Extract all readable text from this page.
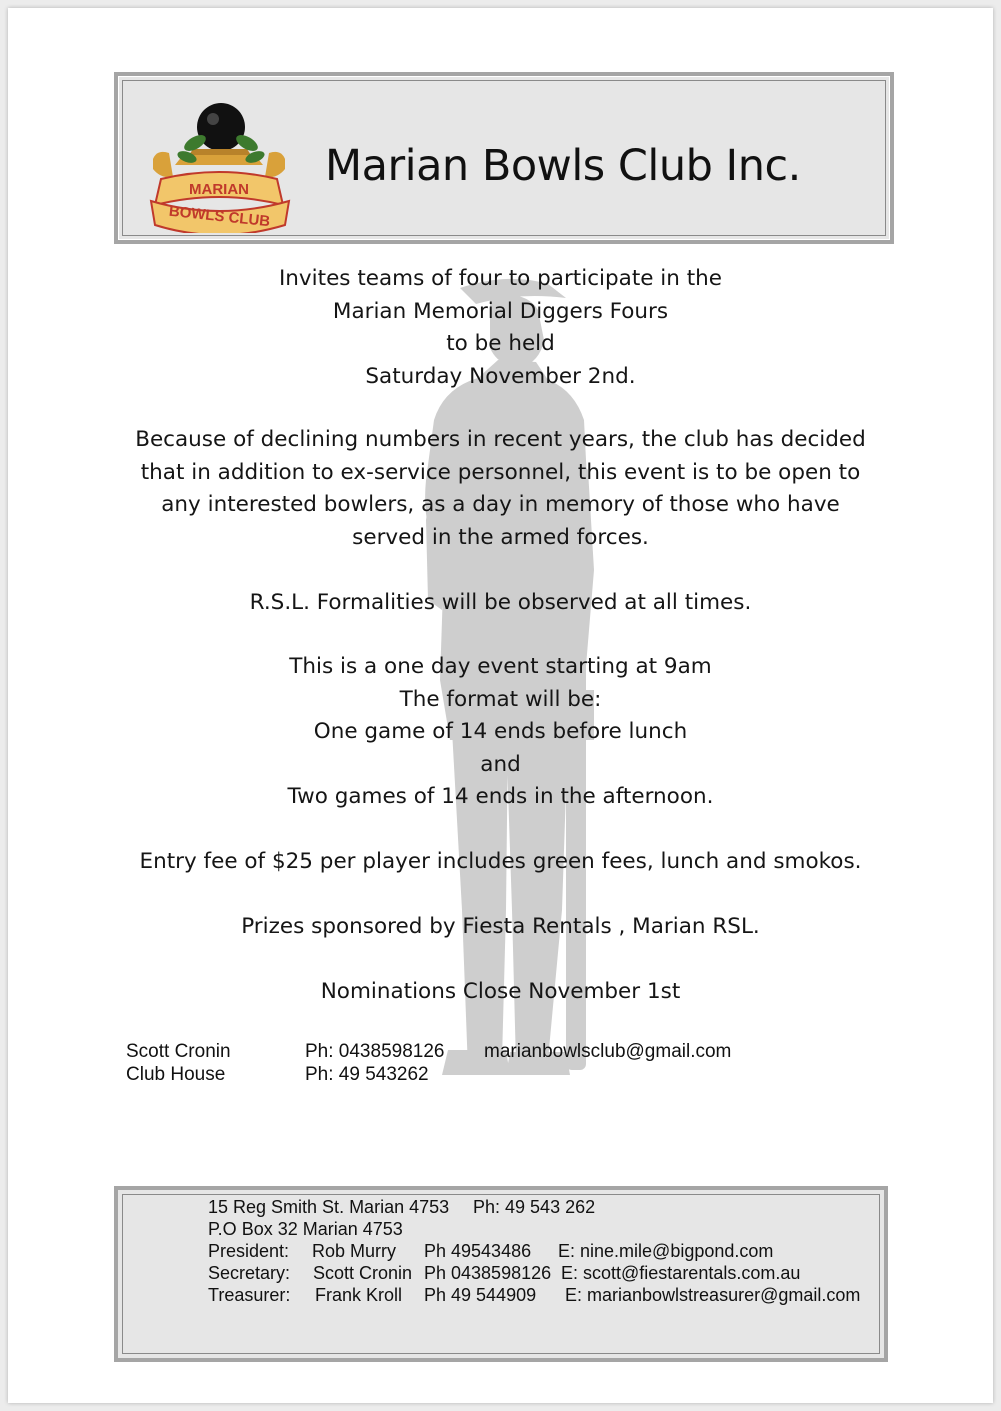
MARIAN
BOWLS CLUB
Marian Bowls Club Inc.
Invites teams of four to participate in the
Marian Memorial Diggers Fours
to be held
Saturday November 2nd.
Because of declining numbers in recent years, the club has decided
that in addition to ex-service personnel, this event is to be open to
any interested bowlers, as a day in memory of those who have
served in the armed forces.
R.S.L. Formalities will be observed at all times.
This is a one day event starting at 9am
The format will be:
One game of 14 ends before lunch
and
Two games of 14 ends in the afternoon.
Entry fee of $25 per player includes green fees, lunch and smokos.
Prizes sponsored by Fiesta Rentals , Marian RSL.
Nominations Close November 1st
Scott Cronin	Ph: 0438598126 marianbowlsclub@gmail.com
Club House	Ph: 49 543262
15 Reg Smith St. Marian 4753 Ph: 49 543 262
P.O Box 32 Marian 4753
President: Rob Murry Ph 49543486 E: nine.mile@bigpond.com
Secretary: Scott Cronin Ph 0438598126 E: scott@fiestarentals.com.au
Treasurer: Frank Kroll Ph 49 544909 E: marianbowlstreasurer@gmail.com
